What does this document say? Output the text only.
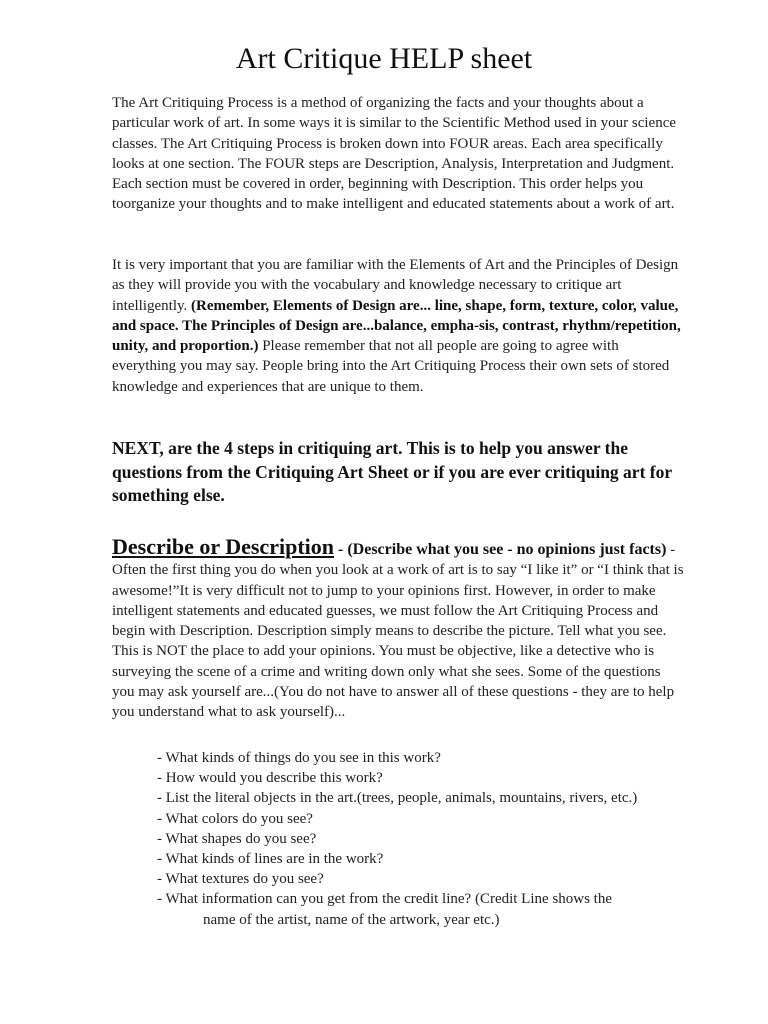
Art Critique HELP sheet

The Art Critiquing Process is a method of organizing the facts and your thoughts about a particular work of art. In some ways it is similar to the Scientific Method used in your science classes. The Art Critiquing Process is broken down into FOUR areas. Each area specifically looks at one section. The FOUR steps are Description, Analysis, Interpretation and Judgment. Each section must be covered in order, beginning with Description. This order helps you toorganize your thoughts and to make intelligent and educated statements about a work of art.

It is very important that you are familiar with the Elements of Art and the Principles of Design as they will provide you with the vocabulary and knowledge necessary to critique art intelligently. (Remember, Elements of Design are... line, shape, form, texture, color, value, and space. The Principles of Design are...balance, empha-sis, contrast, rhythm/repetition, unity, and proportion.) Please remember that not all people are going to agree with everything you may say. People bring into the Art Critiquing Process their own sets of stored knowledge and experiences that are unique to them.

NEXT, are the 4 steps in critiquing art. This is to help you answer the questions from the Critiquing Art Sheet or if you are ever critiquing art for something else.

Describe or Description - (Describe what you see - no opinions just facts) - Often the first thing you do when you look at a work of art is to say “I like it” or “I think that is awesome!”It is very difficult not to jump to your opinions first. However, in order to make intelligent statements and educated guesses, we must follow the Art Critiquing Process and begin with Description. Description simply means to describe the picture. Tell what you see. This is NOT the place to add your opinions. You must be objective, like a detective who is surveying the scene of a crime and writing down only what she sees. Some of the questions you may ask yourself are...(You do not have to answer all of these questions - they are to help you understand what to ask yourself)...

- What kinds of things do you see in this work?
- How would you describe this work?
- List the literal objects in the art.(trees, people, animals, mountains, rivers, etc.)
- What colors do you see?
- What shapes do you see?
- What kinds of lines are in the work?
- What textures do you see?
- What information can you get from the credit line? (Credit Line shows the
name of the artist, name of the artwork, year etc.)
